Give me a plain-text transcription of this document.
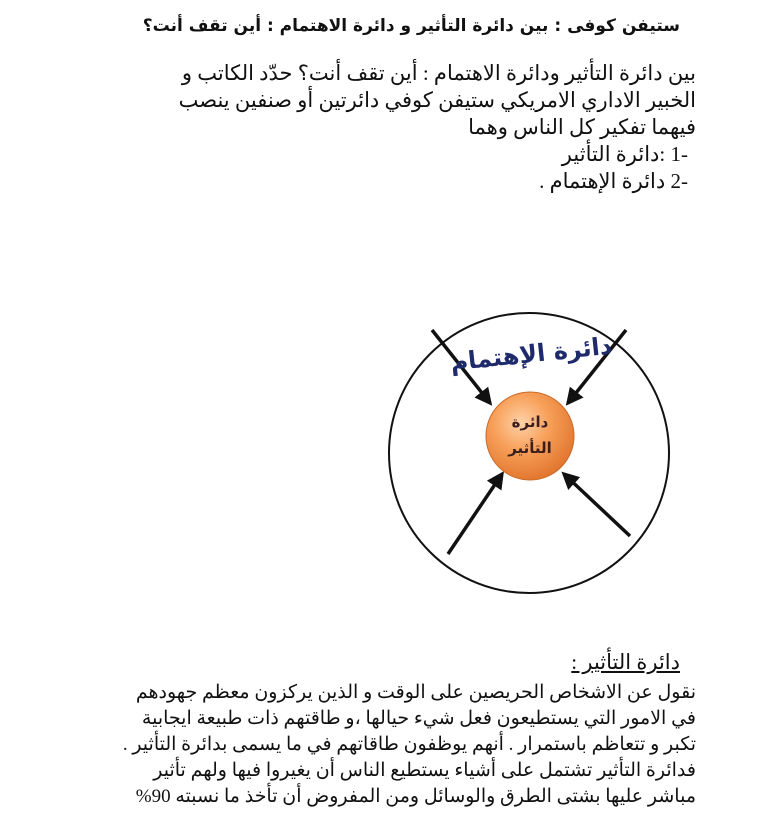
ستيفن كوفى : بين دائرة التأثير و دائرة الاهتمام : أين تقف أنت؟
بين دائرة التأثير ودائرة الاهتمام : أين تقف أنت؟ حدّد الكاتب و
الخبير الاداري الامريكي ستيفن كوفي دائرتين أو صنفين ينصب
فيهما تفكير كل الناس وهما
-1 :دائرة التأثير
-2 دائرة الإهتمام .
دائرة الإهتمام
دائرة
التأثير
دائرة التأثير :
نقول عن الاشخاص الحريصين على الوقت و الذين يركزون معظم جهودهم
في الامور التي يستطيعون فعل شيء حيالها ،و طاقتهم ذات طبيعة ايجابية
تكبر و تتعاظم باستمرار . أنهم يوظفون طاقاتهم في ما يسمى بدائرة التأثير .
فدائرة التأثير تشتمل على أشياء يستطيع الناس أن يغيروا فيها ولهم تأثير
مباشر عليها بشتى الطرق والوسائل ومن المفروض أن تأخذ ما نسبته 90%
